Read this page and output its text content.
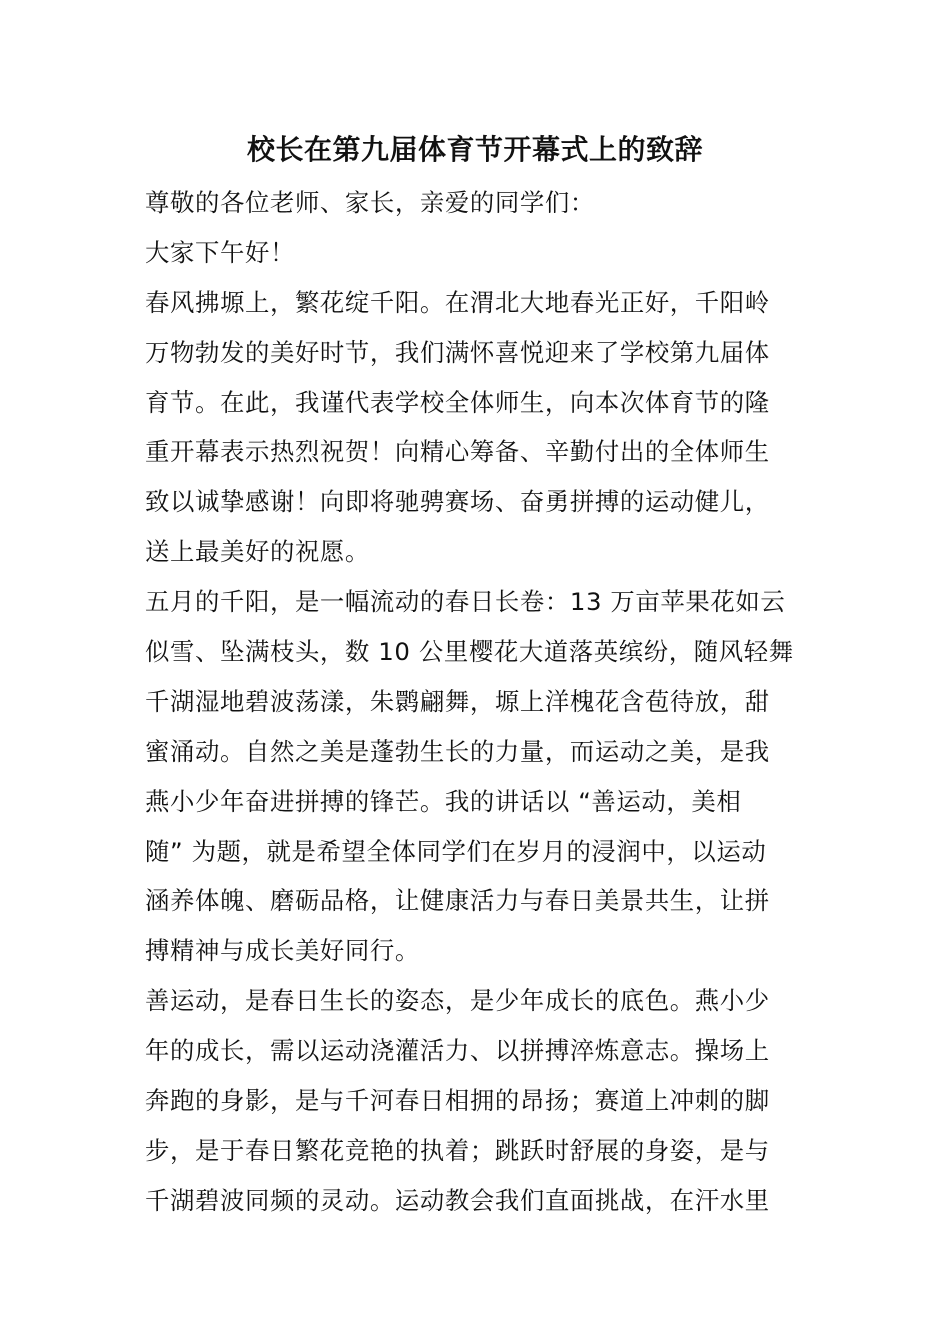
校长在第九届体育节开幕式上的致辞
尊敬的各位老师、家长，亲爱的同学们：
大家下午好！
春风拂塬上，繁花绽千阳。在渭北大地春光正好，千阳岭
万物勃发的美好时节，我们满怀喜悦迎来了学校第九届体
育节。在此，我谨代表学校全体师生，向本次体育节的隆
重开幕表示热烈祝贺！向精心筹备、辛勤付出的全体师生
致以诚挚感谢！向即将驰骋赛场、奋勇拼搏的运动健儿，
送上最美好的祝愿。
五月的千阳，是一幅流动的春日长卷：13 万亩苹果花如云
似雪、坠满枝头，数 10 公里樱花大道落英缤纷，随风轻舞
千湖湿地碧波荡漾，朱鹮翩舞，塬上洋槐花含苞待放，甜
蜜涌动。自然之美是蓬勃生长的力量，而运动之美，是我
燕小少年奋进拼搏的锋芒。我的讲话以 “善运动，美相
随” 为题，就是希望全体同学们在岁月的浸润中，以运动
涵养体魄、磨砺品格，让健康活力与春日美景共生，让拼
搏精神与成长美好同行。
善运动，是春日生长的姿态，是少年成长的底色。燕小少
年的成长，需以运动浇灌活力、以拼搏淬炼意志。操场上
奔跑的身影，是与千河春日相拥的昂扬；赛道上冲刺的脚
步，是于春日繁花竞艳的执着；跳跃时舒展的身姿，是与
千湖碧波同频的灵动。运动教会我们直面挑战，在汗水里
